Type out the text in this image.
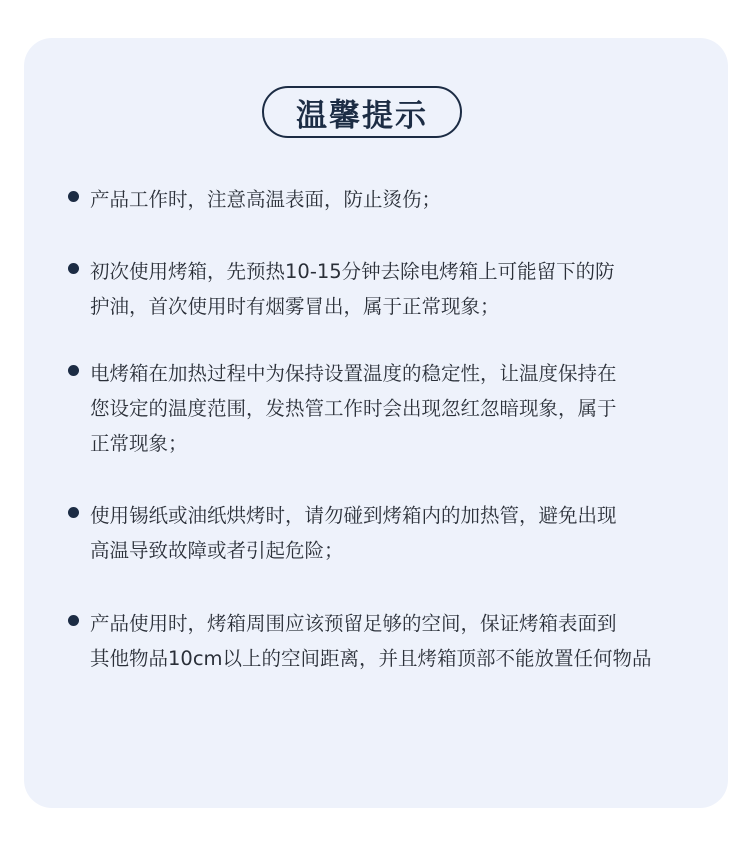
温馨提示
产品工作时，注意高温表面，防止烫伤；
初次使用烤箱，先预热10-15分钟去除电烤箱上可能留下的防
护油，首次使用时有烟雾冒出，属于正常现象；
电烤箱在加热过程中为保持设置温度的稳定性，让温度保持在
您设定的温度范围，发热管工作时会出现忽红忽暗现象，属于
正常现象；
使用锡纸或油纸烘烤时，请勿碰到烤箱内的加热管，避免出现
高温导致故障或者引起危险；
产品使用时，烤箱周围应该预留足够的空间，保证烤箱表面到
其他物品10cm以上的空间距离，并且烤箱顶部不能放置任何物品
